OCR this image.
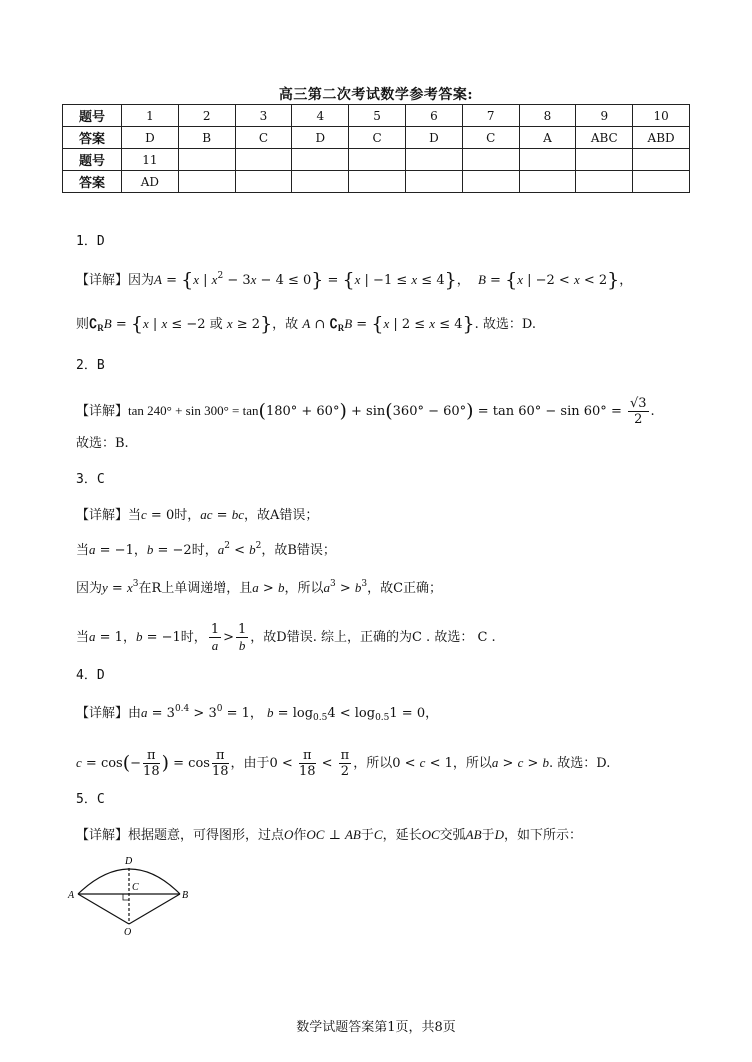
高三第二次考试数学参考答案:
题号	1	2	3	4	5	6	7	8	9	10
答案	D	B	C	D	C	D	C	A	ABC	ABD
题号	11									
答案	AD									
1．D
【详解】因为A = {x | $x^2 - 3x - 4 \le 0\} = \{x$ | −1 ≤ x ≤ 4}， B = {x | −2 < x < 2}，
则$∁_RB = \{x$ | x ≤ −2 或 x ≥ 2}，故 A ∩ $∁_RB = \{x$ | 2 ≤ x ≤ 4}. 故选：D.
2．B
【详解】$\tan 240^\circ + \sin 300^\circ = \tan(180^\circ + 60^\circ) + \sin(360^\circ - 60^\circ) = \tan 60^\circ - \sin 60^\circ = \frac{√3}{2}$ .
故选：B.
3．C
【详解】当c = 0时，ac = bc，故A错误；
当a = −1，b = −2时，$a^2 < b^2$，故B错误；
因为$y = x^3$在R上单调递增，且a > b，所以$a^3 > b^3$，故C正确；
当a = 1，b = −1时， $\frac{1}{a} > \frac{1}{b}$ ，故D错误. 综上，正确的为C . 故选： C .
4．D
【详解】由$a = 3^{0.4} > 3^0 = 1$， $b = \log_{0.5}4 < \log_{0.5}1 = 0$，
$c = \cos(- \frac{\pi}{18}$ ) = $\cos \frac{\pi}{18}$ ，由于$0 < \frac{\pi}{18} < \frac{\pi}{2}$ ，所以0 < c < 1，所以a > c > b. 故选：D.
5．C
【详解】根据题意，可得图形，过点O作OC ⊥ AB于C，延长OC交弧AB于D，如下所示：
D
C
A	B
O
数学试题答案第1页，共8页
